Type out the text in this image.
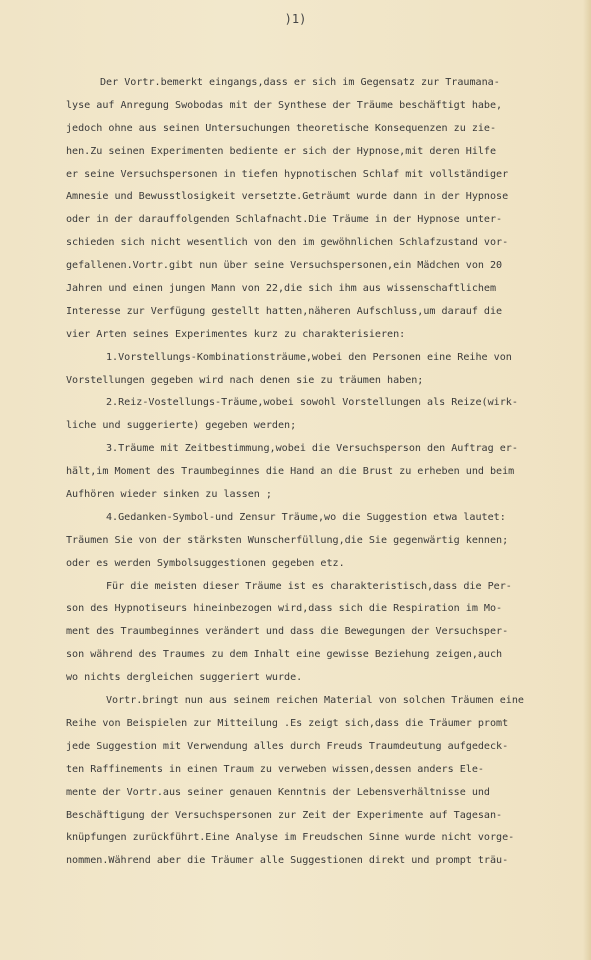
)1)
Der Vortr.bemerkt eingangs,dass er sich im Gegensatz zur Traumana-
lyse auf Anregung Swobodas mit der Synthese der Träume beschäftigt habe,
jedoch ohne aus seinen Untersuchungen theoretische Konsequenzen zu zie-
hen.Zu seinen Experimenten bediente er sich der Hypnose,mit deren Hilfe
er seine Versuchspersonen in tiefen hypnotischen Schlaf mit vollständiger
Amnesie und Bewusstlosigkeit versetzte.Geträumt wurde dann in der Hypnose
oder in der darauffolgenden Schlafnacht.Die Träume in der Hypnose unter-
schieden sich nicht wesentlich von den im gewöhnlichen Schlafzustand vor-
gefallenen.Vortr.gibt nun über seine Versuchspersonen,ein Mädchen von 20
Jahren und einen jungen Mann von 22,die sich ihm aus wissenschaftlichem
Interesse zur Verfügung gestellt hatten,näheren Aufschluss,um darauf die
vier Arten seines Experimentes kurz zu charakterisieren:
1.Vorstellungs-Kombinationsträume,wobei den Personen eine Reihe von
Vorstellungen gegeben wird nach denen sie zu träumen haben;
2.Reiz-Vostellungs-Träume,wobei sowohl Vorstellungen als Reize(wirk-
liche und suggerierte) gegeben werden;
3.Träume mit Zeitbestimmung,wobei die Versuchsperson den Auftrag er-
hält,im Moment des Traumbeginnes die Hand an die Brust zu erheben und beim
Aufhören wieder sinken zu lassen ;
4.Gedanken-Symbol-und Zensur Träume,wo die Suggestion etwa lautet:
Träumen Sie von der stärksten Wunscherfüllung,die Sie gegenwärtig kennen;
oder es werden Symbolsuggestionen gegeben etz.
Für die meisten dieser Träume ist es charakteristisch,dass die Per-
son des Hypnotiseurs hineinbezogen wird,dass sich die Respiration im Mo-
ment des Traumbeginnes verändert und dass die Bewegungen der Versuchsper-
son während des Traumes zu dem Inhalt eine gewisse Beziehung zeigen,auch
wo nichts dergleichen suggeriert wurde.
Vortr.bringt nun aus seinem reichen Material von solchen Träumen eine
Reihe von Beispielen zur Mitteilung .Es zeigt sich,dass die Träumer promt
jede Suggestion mit Verwendung alles durch Freuds Traumdeutung aufgedeck-
ten Raffinements in einen Traum zu verweben wissen,dessen anders Ele-
mente der Vortr.aus seiner genauen Kenntnis der Lebensverhältnisse und
Beschäftigung der Versuchspersonen zur Zeit der Experimente auf Tagesan-
knüpfungen zurückführt.Eine Analyse im Freudschen Sinne wurde nicht vorge-
nommen.Während aber die Träumer alle Suggestionen direkt und prompt träu-
